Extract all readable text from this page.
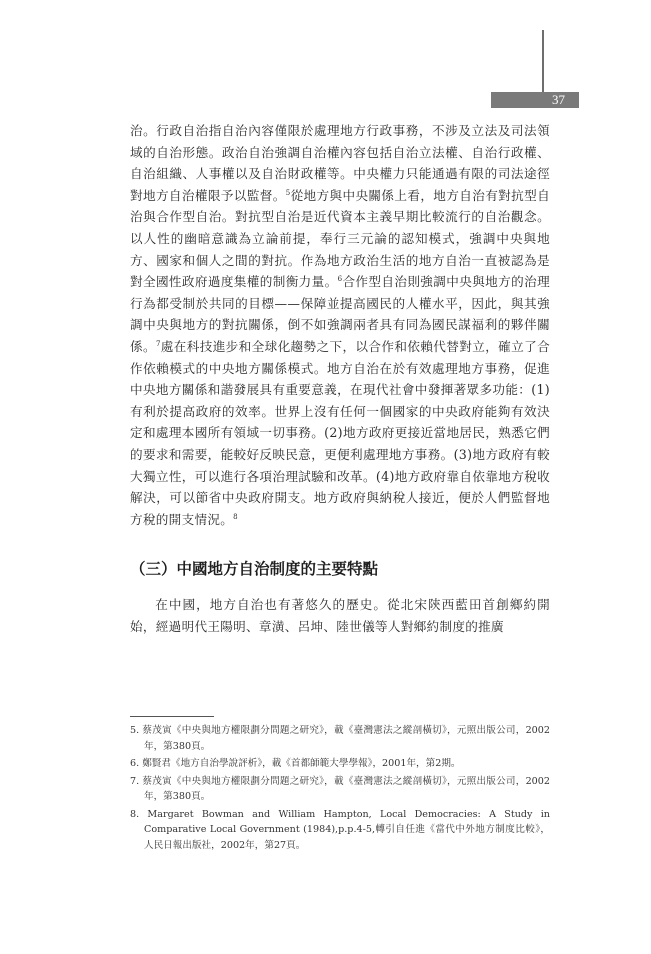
37

治。行政自治指自治內容僅限於處理地方行政事務，不涉及立法及司法領域的自治形態。政治自治強調自治權內容包括自治立法權、自治行政權、自治組織、人事權以及自治財政權等。中央權力只能通過有限的司法途徑對地方自治權限予以監督。$^5$從地方與中央關係上看，地方自治有對抗型自治與合作型自治。對抗型自治是近代資本主義早期比較流行的自治觀念。以人性的幽暗意識為立論前提，奉行三元論的認知模式，強調中央與地方、國家和個人之間的對抗。作為地方政治生活的地方自治一直被認為是對全國性政府過度集權的制衡力量。$^6$合作型自治則強調中央與地方的治理行為都受制於共同的目標——保障並提高國民的人權水平，因此，與其強調中央與地方的對抗關係，倒不如強調兩者具有同為國民謀福利的夥伴關係。$^7$處在科技進步和全球化趨勢之下，以合作和依賴代替對立，確立了合作依賴模式的中央地方關係模式。地方自治在於有效處理地方事務，促進中央地方關係和諧發展具有重要意義，在現代社會中發揮著眾多功能：(1)有利於提高政府的效率。世界上沒有任何一個國家的中央政府能夠有效決定和處理本國所有領域一切事務。(2)地方政府更接近當地居民，熟悉它們的要求和需要，能較好反映民意，更便利處理地方事務。(3)地方政府有較大獨立性，可以進行各項治理試驗和改革。(4)地方政府靠自依靠地方稅收解決，可以節省中央政府開支。地方政府與納稅人接近，便於人們監督地方稅的開支情況。$^8$

（三）中國地方自治制度的主要特點

在中國，地方自治也有著悠久的歷史。從北宋陝西藍田首創鄉約開始，經過明代王陽明、章潢、呂坤、陸世儀等人對鄉約制度的推廣

5. 蔡茂寅《中央與地方權限劃分問題之研究》，載《臺灣憲法之縱剖橫切》，元照出版公司，2002年，第380頁。

6. 鄭賢君《地方自治學說評析》，載《首都師範大學學報》，2001年，第2期。

7. 蔡茂寅《中央與地方權限劃分問題之研究》，載《臺灣憲法之縱剖橫切》，元照出版公司，2002年，第380頁。

8. Margaret Bowman and William Hampton, Local Democracies: A Study in Comparative Local Government (1984),p.p.4-5,轉引自任進《當代中外地方制度比較》，人民日報出版社，2002年，第27頁。
